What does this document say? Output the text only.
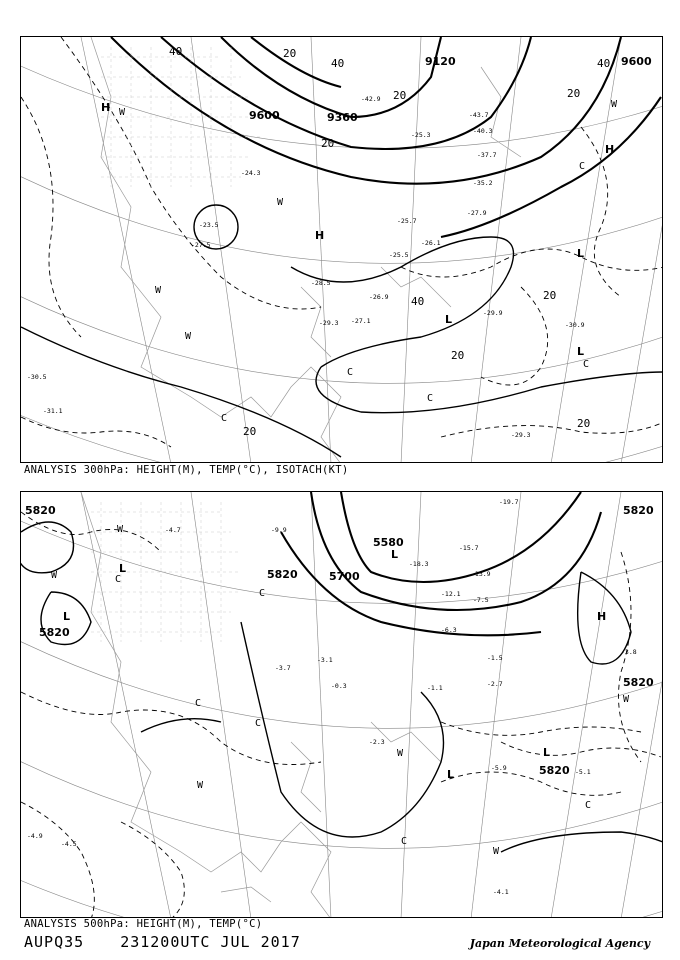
9600	9360
9120	9600
40	20
40
20
20
20
40
20
20
40
20
20
H
H
L
L
L
H
W
W
W
W
W
C
C
C
C
C
-23.5
-24.3
-25.7
-27.1
-29.9
-30.9
-37.7
-35.2
-29.3
-27.5
-25.5
-26.1
-28.5
-29.3
-30.5
-31.1
-26.9
-27.9
-40.3
-43.7
-42.9
-25.3
ANALYSIS 300hPa: HEIGHT(M), TEMP(°C), ISOTACH(KT)
5820
5820
5820
5820
5700
5580
5820
5820
L
L
L
H
L
L
W
W
W
W
W
W
C
C
C
C
C
C
-5.9
-4.1
-5.1
-2.7
-3.8
-1.5
-13.9
-15.7
-18.3
-19.7
-9.9
-6.3
-3.1
-1.1
-4.7
-2.3
-3.7
-4.9
-4.5
-0.3
-7.5
-12.1
ANALYSIS 500hPa: HEIGHT(M), TEMP(°C)
AUPQ35 231200UTC JUL 2017	Japan Meteorological Agency
